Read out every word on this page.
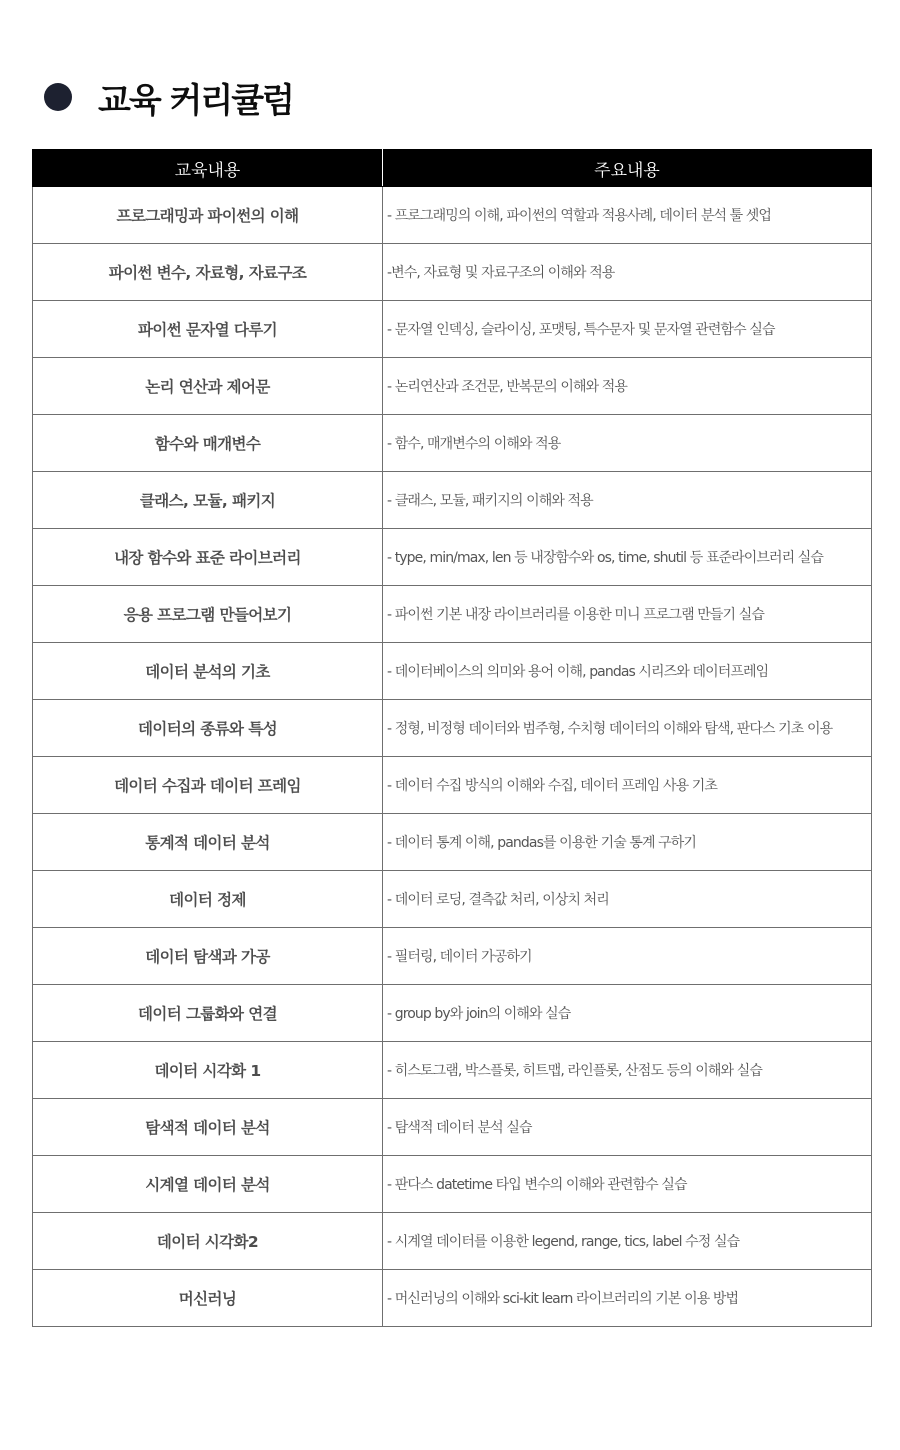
교육 커리큘럼
교육내용	주요내용
프로그래밍과 파이썬의 이해	- 프로그래밍의 이해, 파이썬의 역할과 적용사례, 데이터 분석 툴 셋업
파이썬 변수, 자료형, 자료구조	-변수, 자료형 및 자료구조의 이해와 적용
파이썬 문자열 다루기	- 문자열 인덱싱, 슬라이싱, 포맷팅, 특수문자 및 문자열 관련함수 실습
논리 연산과 제어문	- 논리연산과 조건문, 반복문의 이해와 적용
함수와 매개변수	- 함수, 매개변수의 이해와 적용
클래스, 모듈, 패키지	- 클래스, 모듈, 패키지의 이해와 적용
내장 함수와 표준 라이브러리	- type, min/max, len 등 내장함수와 os, time, shutil 등 표준라이브러리 실습
응용 프로그램 만들어보기	- 파이썬 기본 내장 라이브러리를 이용한 미니 프로그램 만들기 실습
데이터 분석의 기초	- 데이터베이스의 의미와 용어 이해, pandas 시리즈와 데이터프레임
데이터의 종류와 특성	- 정형, 비정형 데이터와 범주형, 수치형 데이터의 이해와 탐색, 판다스 기초 이용
데이터 수집과 데이터 프레임	- 데이터 수집 방식의 이해와 수집, 데이터 프레임 사용 기초
통계적 데이터 분석	- 데이터 통계 이해, pandas를 이용한 기술 통계 구하기
데이터 정제	- 데이터 로딩, 결측값 처리, 이상치 처리
데이터 탐색과 가공	- 필터링, 데이터 가공하기
데이터 그룹화와 연결	- group by와 join의 이해와 실습
데이터 시각화 1	- 히스토그램, 박스플롯, 히트맵, 라인플롯, 산점도 등의 이해와 실습
탐색적 데이터 분석	- 탐색적 데이터 분석 실습
시계열 데이터 분석	- 판다스 datetime 타입 변수의 이해와 관련함수 실습
데이터 시각화2	- 시계열 데이터를 이용한 legend, range, tics, label 수정 실습
머신러닝	- 머신러닝의 이해와 sci-kit learn 라이브러리의 기본 이용 방법
